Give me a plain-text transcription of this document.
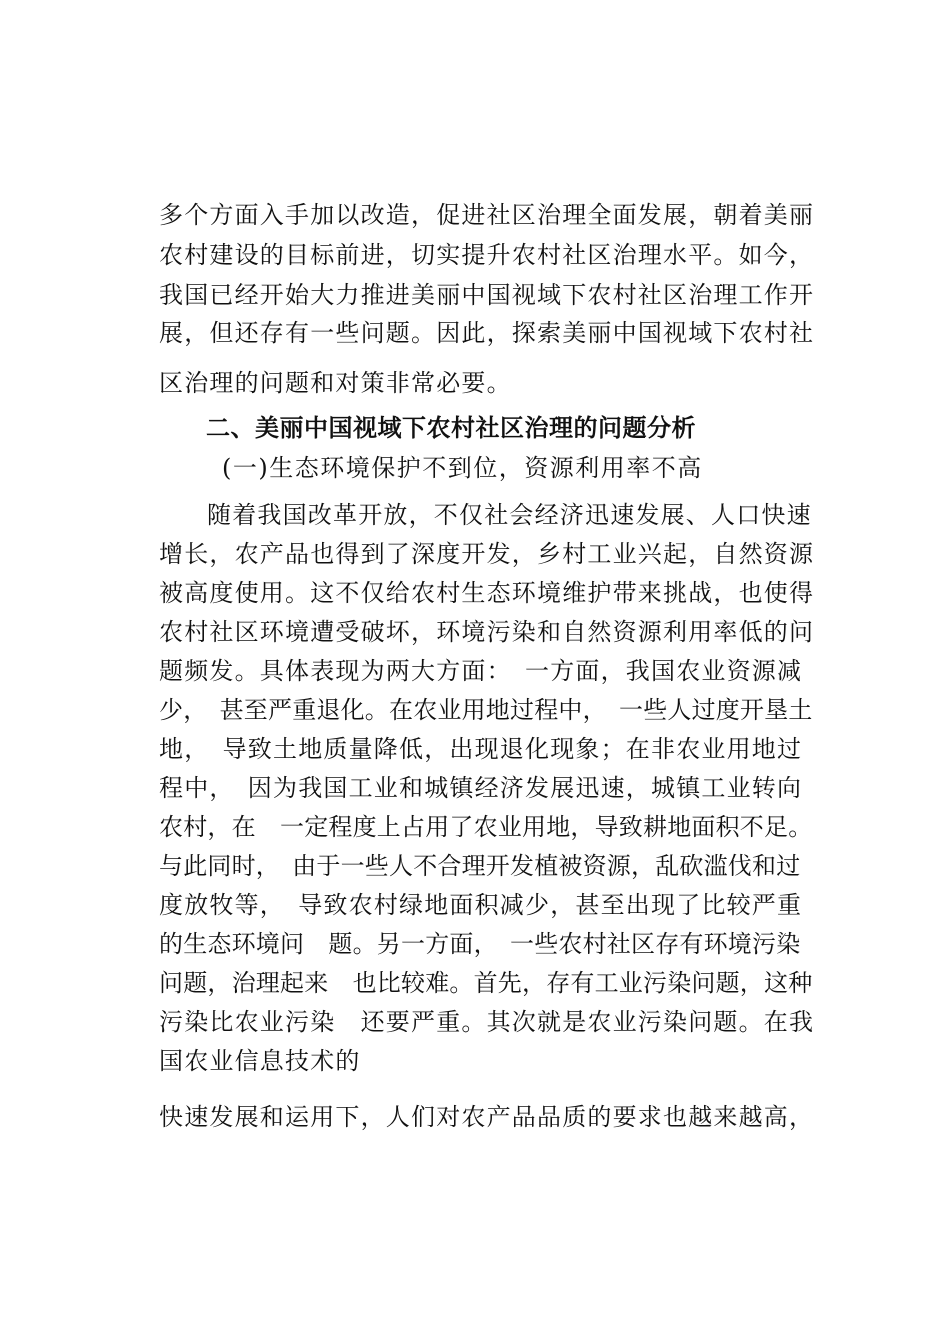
多个方面入手加以改造，促进社区治理全面发展，朝着美丽
农村建设的目标前进，切实提升农村社区治理水平。如今，
我国已经开始大力推进美丽中国视域下农村社区治理工作开
展，但还存有一些问题。因此，探索美丽中国视域下农村社
区治理的问题和对策非常必要。
二、美丽中国视域下农村社区治理的问题分析
(一)生态环境保护不到位，资源利用率不高
随着我国改革开放，不仅社会经济迅速发展、人口快速
增长，农产品也得到了深度开发，乡村工业兴起，自然资源
被高度使用。这不仅给农村生态环境维护带来挑战，也使得
农村社区环境遭受破坏，环境污染和自然资源利用率低的问
题频发。具体表现为两大方面：　一方面，我国农业资源减
少，　甚至严重退化。在农业用地过程中，　一些人过度开垦土
地，　导致土地质量降低，出现退化现象；在非农业用地过
程中，　因为我国工业和城镇经济发展迅速，城镇工业转向
农村，在　一定程度上占用了农业用地，导致耕地面积不足。
与此同时，　由于一些人不合理开发植被资源，乱砍滥伐和过
度放牧等，　导致农村绿地面积减少，甚至出现了比较严重
的生态环境问　题。另一方面，　一些农村社区存有环境污染
问题，治理起来　也比较难。首先，存有工业污染问题，这种
污染比农业污染　还要严重。其次就是农业污染问题。在我
国农业信息技术的
快速发展和运用下，人们对农产品品质的要求也越来越高，
